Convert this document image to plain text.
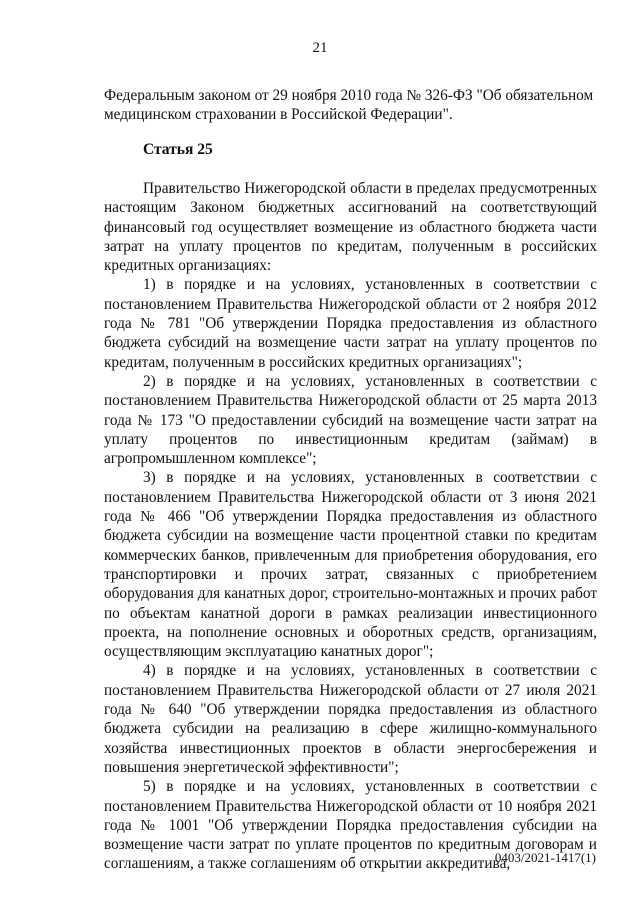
21

Федеральным законом от 29 ноября 2010 года № 326-ФЗ "Об обязательном медицинском страховании в Российской Федерации".

Статья 25

Правительство Нижегородской области в пределах предусмотренных настоящим Законом бюджетных ассигнований на соответствующий финансовый год осуществляет возмещение из областного бюджета части затрат на уплату процентов по кредитам, полученным в российских кредитных организациях:

1) в порядке и на условиях, установленных в соответствии с постановлением Правительства Нижегородской области от 2 ноября 2012 года № 781 "Об утверждении Порядка предоставления из областного бюджета субсидий на возмещение части затрат на уплату процентов по кредитам, полученным в российских кредитных организациях";

2) в порядке и на условиях, установленных в соответствии с постановлением Правительства Нижегородской области от 25 марта 2013 года № 173 "О предоставлении субсидий на возмещение части затрат на уплату процентов по инвестиционным кредитам (займам) в агропромышленном комплексе";

3) в порядке и на условиях, установленных в соответствии с постановлением Правительства Нижегородской области от 3 июня 2021 года № 466 "Об утверждении Порядка предоставления из областного бюджета субсидии на возмещение части процентной ставки по кредитам коммерческих банков, привлеченным для приобретения оборудования, его транспортировки и прочих затрат, связанных с приобретением оборудования для канатных дорог, строительно-монтажных и прочих работ по объектам канатной дороги в рамках реализации инвестиционного проекта, на пополнение основных и оборотных средств, организациям, осуществляющим эксплуатацию канатных дорог";

4) в порядке и на условиях, установленных в соответствии с постановлением Правительства Нижегородской области от 27 июля 2021 года № 640 "Об утверждении порядка предоставления из областного бюджета субсидии на реализацию в сфере жилищно-коммунального хозяйства инвестиционных проектов в области энергосбережения и повышения энергетической эффективности";

5) в порядке и на условиях, установленных в соответствии с постановлением Правительства Нижегородской области от 10 ноября 2021 года № 1001 "Об утверждении Порядка предоставления субсидии на возмещение части затрат по уплате процентов по кредитным договорам и соглашениям, а также соглашениям об открытии аккредитива,

0403/2021-1417(1)
